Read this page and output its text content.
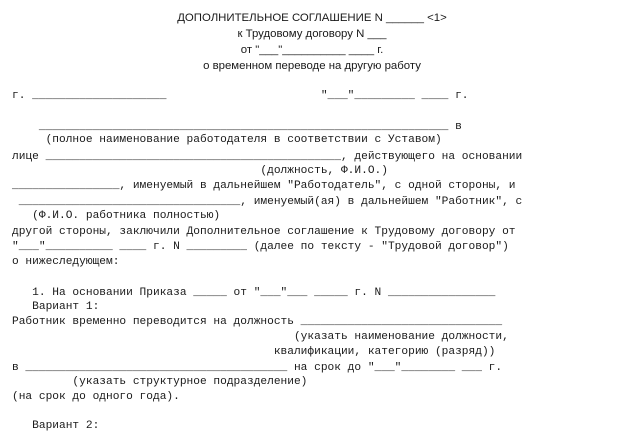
ДОПОЛНИТЕЛЬНОЕ СОГЛАШЕНИЕ N ______ <1>
к Трудовому договору N ___
от "___"__________ ____ г.
о временном переводе на другую работу
г. ____________________                       "___"_________ ____ г.
_____________________________________________________________ в
(полное наименование работодателя в соответствии с Уставом)
лице ____________________________________________, действующего на основании
(должность, Ф.И.О.)
________________, именуемый в дальнейшем "Работодатель", с одной стороны, и
_________________________________, именуемый(ая) в дальнейшем "Работник", с
(Ф.И.О. работника полностью)
другой стороны, заключили Дополнительное соглашение к Трудовому договору от
"___"__________ ____ г. N _________ (далее по тексту - "Трудовой договор")
о нижеследующем:
1. На основании Приказа _____ от "___"___ _____ г. N ________________
Вариант 1:
Работник временно переводится на должность ______________________________
(указать наименование должности,
квалификации, категорию (разряд))
в _______________________________________ на срок до "___"________ ___ г.
(указать структурное подразделение)
(на срок до одного года).
Вариант 2:
